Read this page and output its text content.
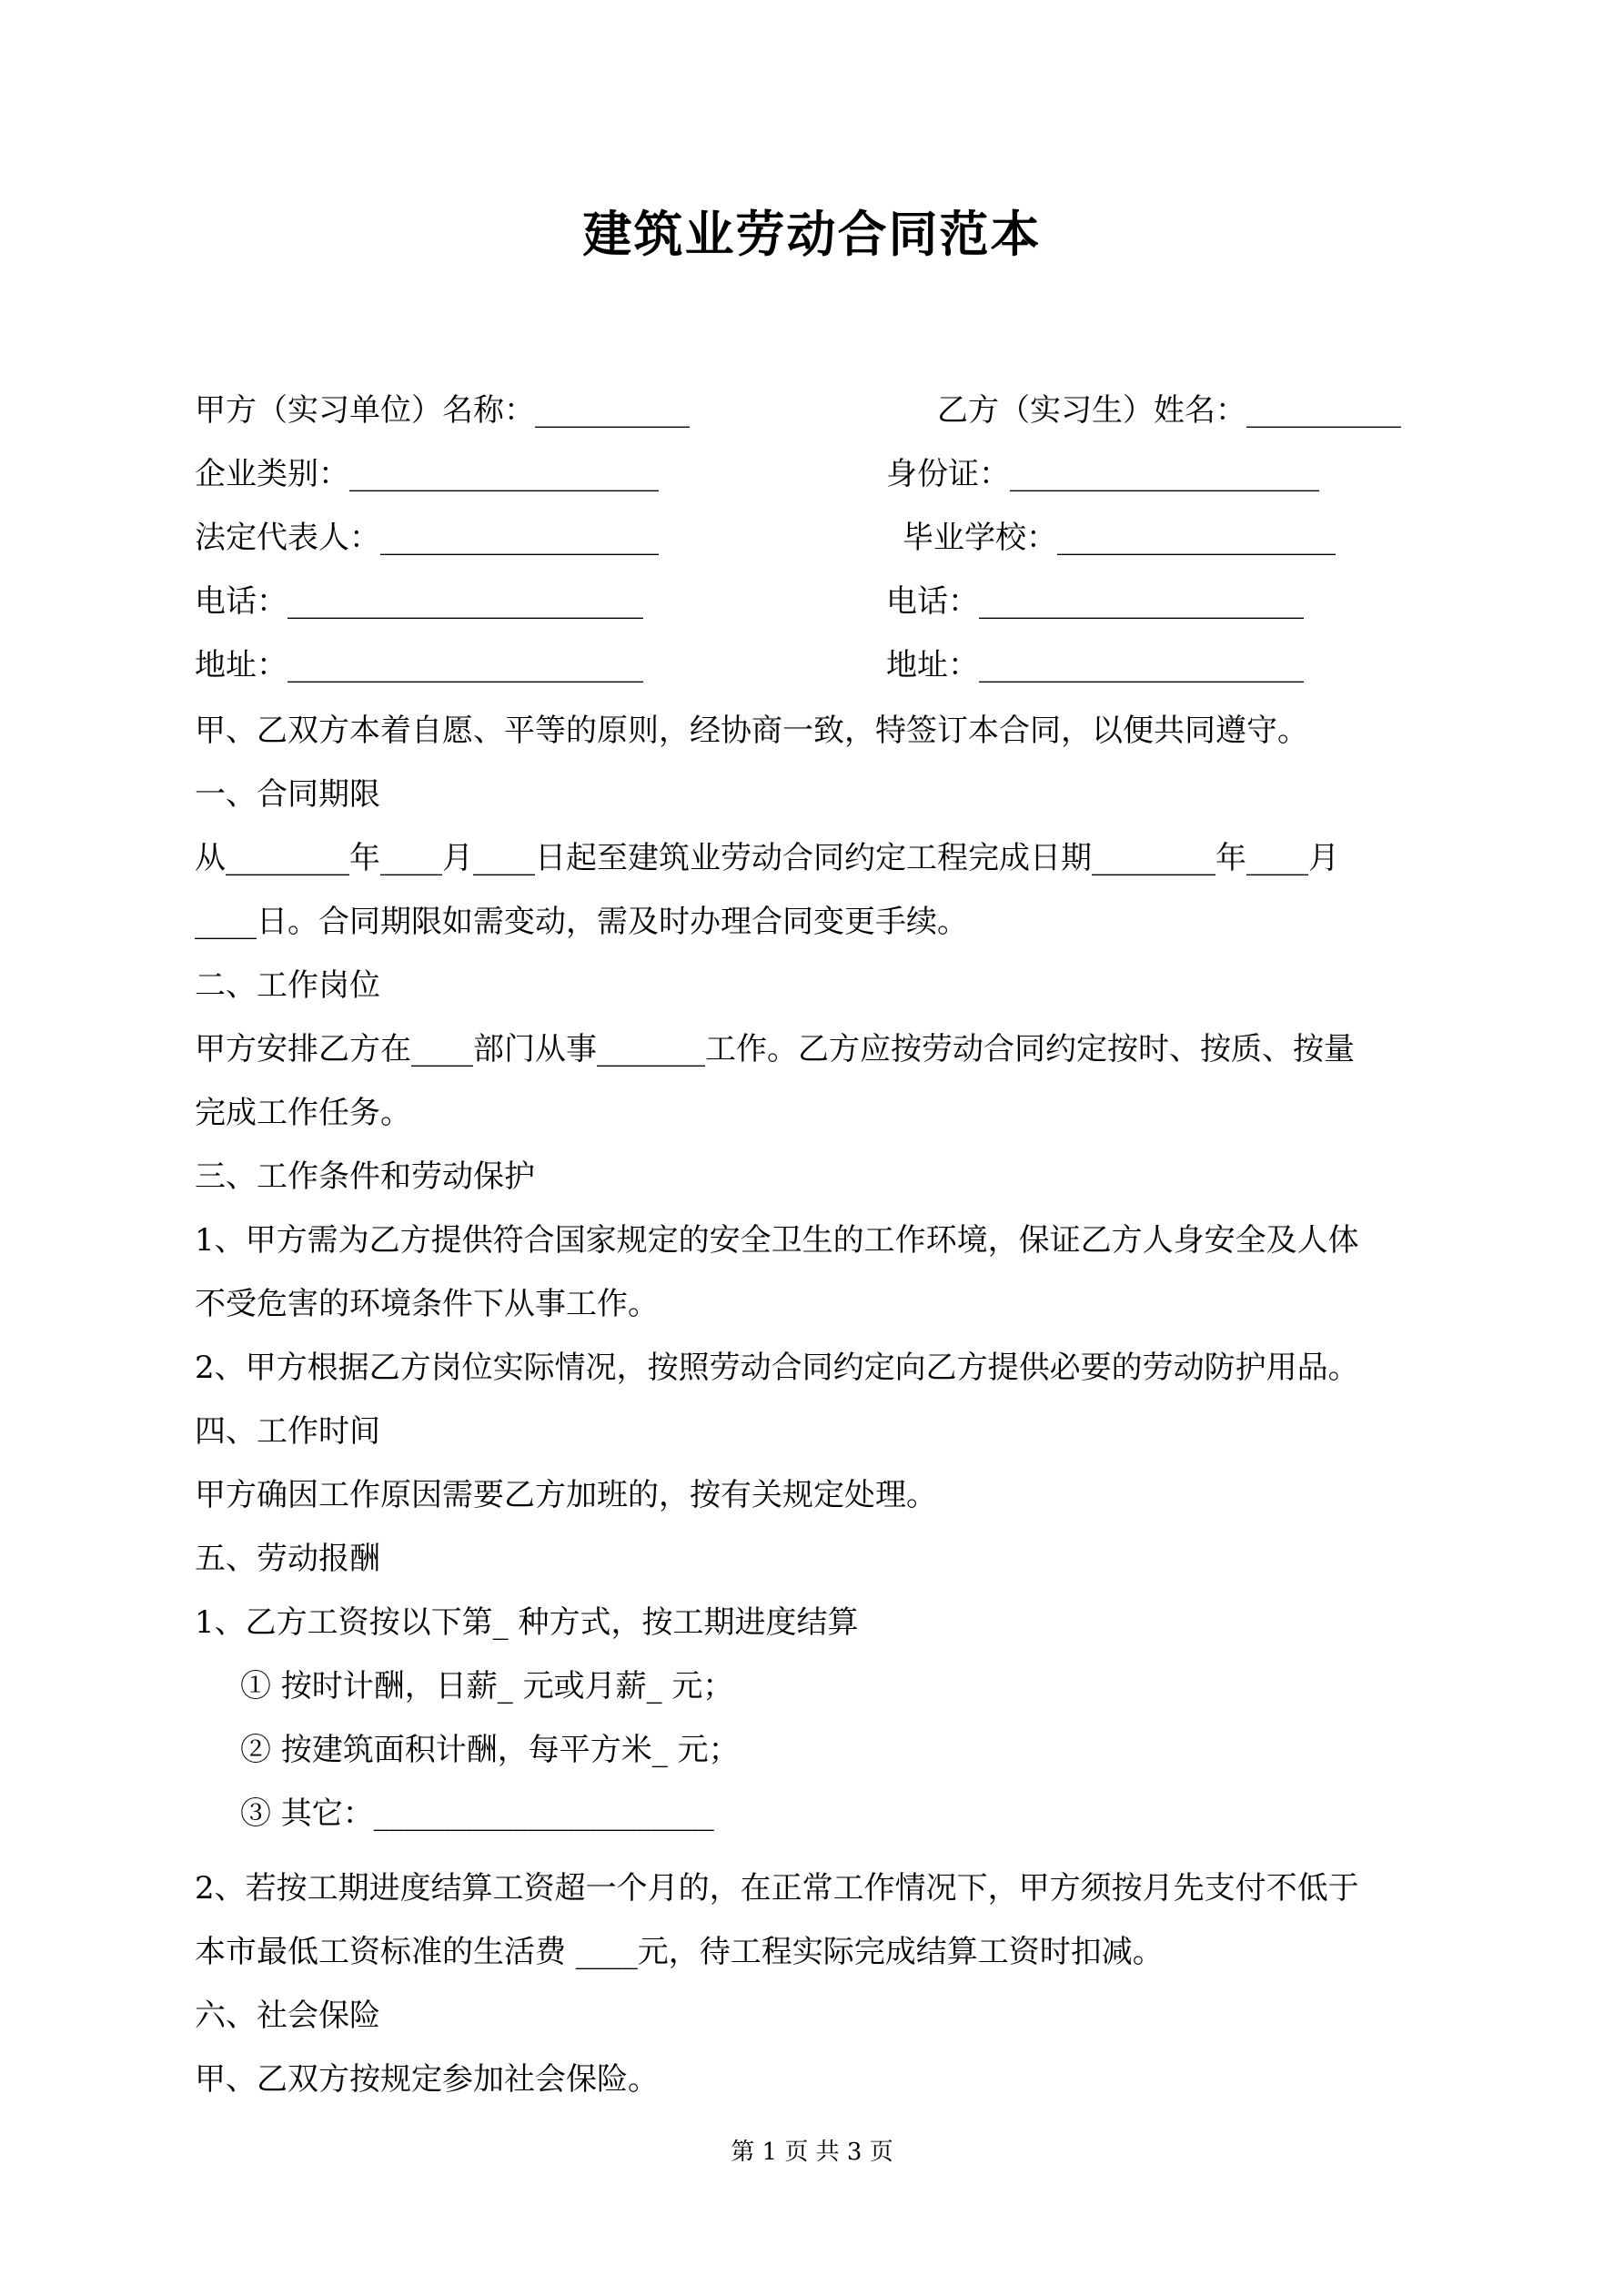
建筑业劳动合同范本
甲方（实习单位）名称：__________	乙方（实习生）姓名：__________
企业类别：____________________	身份证：____________________
法定代表人：__________________	毕业学校：__________________
电话：_______________________	电话：_____________________
地址：_______________________	地址：_____________________
甲、乙双方本着自愿、平等的原则，经协商一致，特签订本合同，以便共同遵守。
一、合同期限
从________年____月____日起至建筑业劳动合同约定工程完成日期________年____月
____日。合同期限如需变动，需及时办理合同变更手续。
二、工作岗位
甲方安排乙方在____部门从事_______工作。乙方应按劳动合同约定按时、按质、按量
完成工作任务。
三、工作条件和劳动保护
1、甲方需为乙方提供符合国家规定的安全卫生的工作环境，保证乙方人身安全及人体
不受危害的环境条件下从事工作。
2、甲方根据乙方岗位实际情况，按照劳动合同约定向乙方提供必要的劳动防护用品。
四、工作时间
甲方确因工作原因需要乙方加班的，按有关规定处理。
五、劳动报酬
1、乙方工资按以下第_ 种方式，按工期进度结算
① 按时计酬，日薪_ 元或月薪_ 元；
② 按建筑面积计酬，每平方米_ 元；
③ 其它：______________________
2、若按工期进度结算工资超一个月的，在正常工作情况下，甲方须按月先支付不低于
本市最低工资标准的生活费 ____元，待工程实际完成结算工资时扣减。
六、社会保险
甲、乙双方按规定参加社会保险。
第 1 页 共 3 页
